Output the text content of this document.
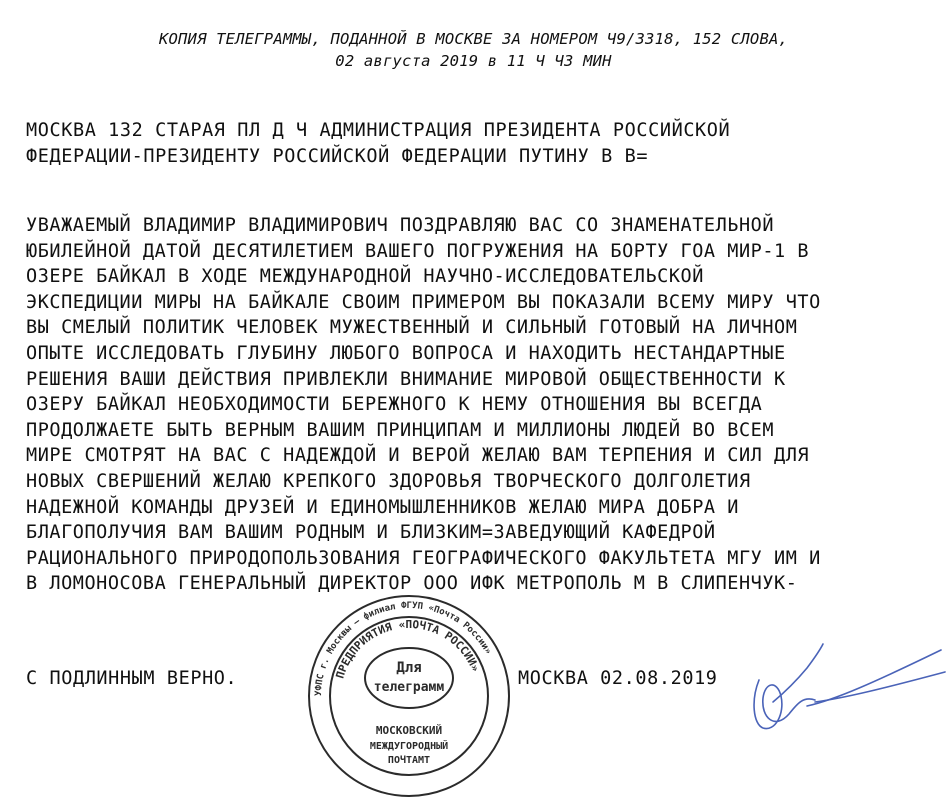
КОПИЯ ТЕЛЕГРАММЫ, ПОДАННОЙ В МОСКВЕ ЗА НОМЕРОМ Ч9/3318, 152 СЛОВА,
02 августа 2019 в 11 Ч ЧЗ МИН
МОСКВА 132 СТАРАЯ ПЛ Д Ч АДМИНИСТРАЦИЯ ПРЕЗИДЕНТА РОССИЙСКОЙ
ФЕДЕРАЦИИ-ПРЕЗИДЕНТУ РОССИЙСКОЙ ФЕДЕРАЦИИ ПУТИНУ В В=
УВАЖАЕМЫЙ ВЛАДИМИР ВЛАДИМИРОВИЧ ПОЗДРАВЛЯЮ ВАС СО ЗНАМЕНАТЕЛЬНОЙ
ЮБИЛЕЙНОЙ ДАТОЙ ДЕСЯТИЛЕТИЕМ ВАШЕГО ПОГРУЖЕНИЯ НА БОРТУ ГОА МИР-1 В
ОЗЕРЕ БАЙКАЛ В ХОДЕ МЕЖДУНАРОДНОЙ НАУЧНО-ИССЛЕДОВАТЕЛЬСКОЙ
ЭКСПЕДИЦИИ МИРЫ НА БАЙКАЛЕ СВОИМ ПРИМЕРОМ ВЫ ПОКАЗАЛИ ВСЕМУ МИРУ ЧТО
ВЫ СМЕЛЫЙ ПОЛИТИК ЧЕЛОВЕК МУЖЕСТВЕННЫЙ И СИЛЬНЫЙ ГОТОВЫЙ НА ЛИЧНОМ
ОПЫТЕ ИССЛЕДОВАТЬ ГЛУБИНУ ЛЮБОГО ВОПРОСА И НАХОДИТЬ НЕСТАНДАРТНЫЕ
РЕШЕНИЯ ВАШИ ДЕЙСТВИЯ ПРИВЛЕКЛИ ВНИМАНИЕ МИРОВОЙ ОБЩЕСТВЕННОСТИ К
ОЗЕРУ БАЙКАЛ НЕОБХОДИМОСТИ БЕРЕЖНОГО К НЕМУ ОТНОШЕНИЯ ВЫ ВСЕГДА
ПРОДОЛЖАЕТЕ БЫТЬ ВЕРНЫМ ВАШИМ ПРИНЦИПАМ И МИЛЛИОНЫ ЛЮДЕЙ ВО ВСЕМ
МИРЕ СМОТРЯТ НА ВАС С НАДЕЖДОЙ И ВЕРОЙ ЖЕЛАЮ ВАМ ТЕРПЕНИЯ И СИЛ ДЛЯ
НОВЫХ СВЕРШЕНИЙ ЖЕЛАЮ КРЕПКОГО ЗДОРОВЬЯ ТВОРЧЕСКОГО ДОЛГОЛЕТИЯ
НАДЕЖНОЙ КОМАНДЫ ДРУЗЕЙ И ЕДИНОМЫШЛЕННИКОВ ЖЕЛАЮ МИРА ДОБРА И
БЛАГОПОЛУЧИЯ ВАМ ВАШИМ РОДНЫМ И БЛИЗКИМ=ЗАВЕДУЮЩИЙ КАФЕДРОЙ
РАЦИОНАЛЬНОГО ПРИРОДОПОЛЬЗОВАНИЯ ГЕОГРАФИЧЕСКОГО ФАКУЛЬТЕТА МГУ ИМ И
В ЛОМОНОСОВА ГЕНЕРАЛЬНЫЙ ДИРЕКТОР ООО ИФК МЕТРОПОЛЬ М В СЛИПЕНЧУК-
С ПОДЛИННЫМ ВЕРНО.	МОСКВА 02.08.2019
УФПС г. Москвы — филиал ФГУП «Почта России»
ПРЕДПРИЯТИЯ «ПОЧТА РОССИИ»
Для
телеграмм
МОСКОВСКИЙ
МЕЖДУГОРОДНЫЙ
ПОЧТАМТ
